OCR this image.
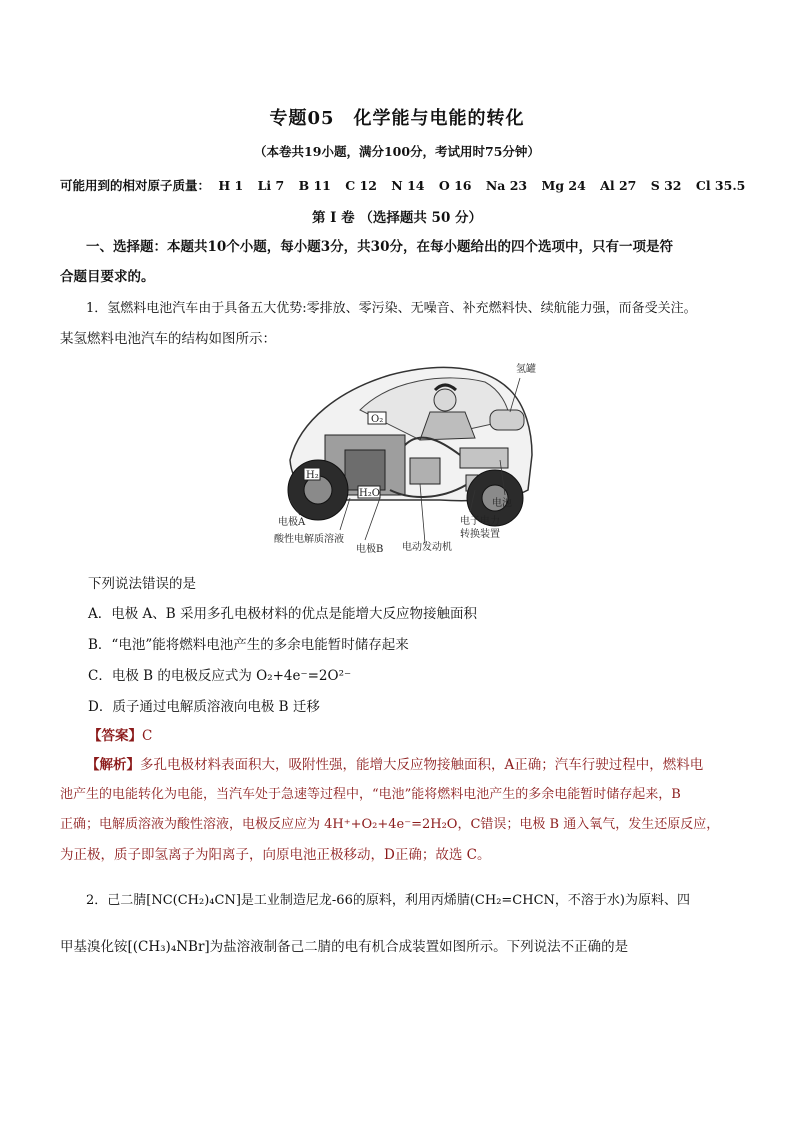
专题05　化学能与电能的转化
（本卷共19小题，满分100分，考试用时75分钟）
可能用到的相对原子质量： H 1 Li 7 B 11 C 12 N 14 O 16 Na 23 Mg 24 Al 27 S 32 Cl 35.5
第 I 卷 （选择题共 50 分）
一、选择题：本题共10个小题，每小题3分，共30分，在每小题给出的四个选项中，只有一项是符
合题目要求的。
1．氢燃料电池汽车由于具备五大优势:零排放、零污染、无噪音、补充燃料快、续航能力强，而备受关注。
某氢燃料电池汽车的结构如图所示：
O₂
H₂
H₂O
氢罐
电池
电子电力
转换装置
电极A
酸性电解质溶液
电极B 电动发动机
下列说法错误的是
A．电极 A、B 采用多孔电极材料的优点是能增大反应物接触面积
B．“电池”能将燃料电池产生的多余电能暂时储存起来
C．电极 B 的电极反应式为 O₂+4e⁻=2O²⁻
D．质子通过电解质溶液向电极 B 迁移
【答案】C
【解析】多孔电极材料表面积大，吸附性强，能增大反应物接触面积，A正确；汽车行驶过程中，燃料电
池产生的电能转化为电能，当汽车处于急速等过程中，“电池”能将燃料电池产生的多余电能暂时储存起来，B
正确；电解质溶液为酸性溶液，电极反应应为 4H⁺+O₂+4e⁻=2H₂O，C错误；电极 B 通入氧气，发生还原反应，
为正极，质子即氢离子为阳离子，向原电池正极移动，D正确；故选 C。
2．己二腈[NC(CH₂)₄CN]是工业制造尼龙-66的原料，利用丙烯腈(CH₂=CHCN，不溶于水)为原料、四
甲基溴化铵[(CH₃)₄NBr]为盐溶液制备己二腈的电有机合成装置如图所示。下列说法不正确的是
